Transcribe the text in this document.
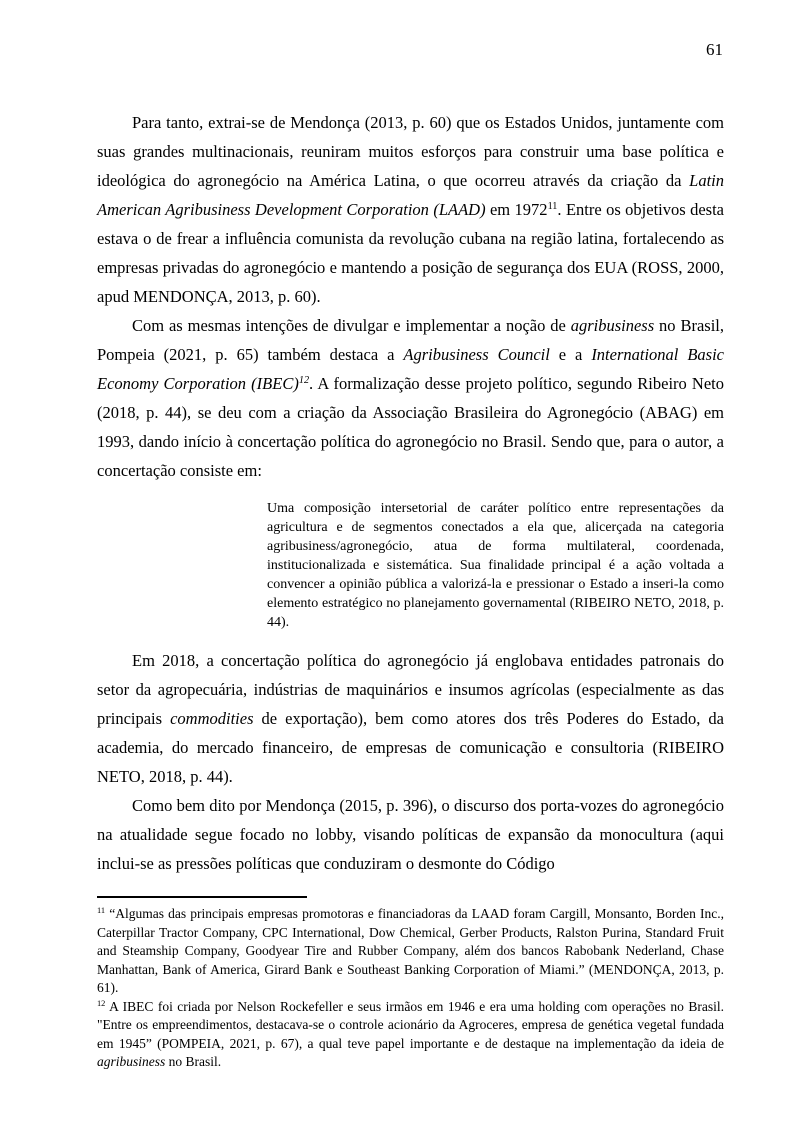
61

Para tanto, extrai-se de Mendonça (2013, p. 60) que os Estados Unidos, juntamente com suas grandes multinacionais, reuniram muitos esforços para construir uma base política e ideológica do agronegócio na América Latina, o que ocorreu através da criação da Latin American Agribusiness Development Corporation (LAAD) em 1972$^{11}$. Entre os objetivos desta estava o de frear a influência comunista da revolução cubana na região latina, fortalecendo as empresas privadas do agronegócio e mantendo a posição de segurança dos EUA (ROSS, 2000, apud MENDONÇA, 2013, p. 60).

Com as mesmas intenções de divulgar e implementar a noção de agribusiness no Brasil, Pompeia (2021, p. 65) também destaca a Agribusiness Council e a International Basic Economy Corporation (IBEC)$^{12}$. A formalização desse projeto político, segundo Ribeiro Neto (2018, p. 44), se deu com a criação da Associação Brasileira do Agronegócio (ABAG) em 1993, dando início à concertação política do agronegócio no Brasil. Sendo que, para o autor, a concertação consiste em:

Uma composição intersetorial de caráter político entre representações da agricultura e de segmentos conectados a ela que, alicerçada na categoria agribusiness/agronegócio, atua de forma multilateral, coordenada, institucionalizada e sistemática. Sua finalidade principal é a ação voltada a convencer a opinião pública a valorizá-la e pressionar o Estado a inseri-la como elemento estratégico no planejamento governamental (RIBEIRO NETO, 2018, p. 44).

Em 2018, a concertação política do agronegócio já englobava entidades patronais do setor da agropecuária, indústrias de maquinários e insumos agrícolas (especialmente as das principais commodities de exportação), bem como atores dos três Poderes do Estado, da academia, do mercado financeiro, de empresas de comunicação e consultoria (RIBEIRO NETO, 2018, p. 44).

Como bem dito por Mendonça (2015, p. 396), o discurso dos porta-vozes do agronegócio na atualidade segue focado no lobby, visando políticas de expansão da monocultura (aqui inclui-se as pressões políticas que conduziram o desmonte do Código

$^{11}$ “Algumas das principais empresas promotoras e financiadoras da LAAD foram Cargill, Monsanto, Borden Inc., Caterpillar Tractor Company, CPC International, Dow Chemical, Gerber Products, Ralston Purina, Standard Fruit and Steamship Company, Goodyear Tire and Rubber Company, além dos bancos Rabobank Nederland, Chase Manhattan, Bank of America, Girard Bank e Southeast Banking Corporation of Miami.” (MENDONÇA, 2013, p. 61).

$^{12}$ A IBEC foi criada por Nelson Rockefeller e seus irmãos em 1946 e era uma holding com operações no Brasil. "Entre os empreendimentos, destacava-se o controle acionário da Agroceres, empresa de genética vegetal fundada em 1945” (POMPEIA, 2021, p. 67), a qual teve papel importante e de destaque na implementação da ideia de agribusiness no Brasil.
